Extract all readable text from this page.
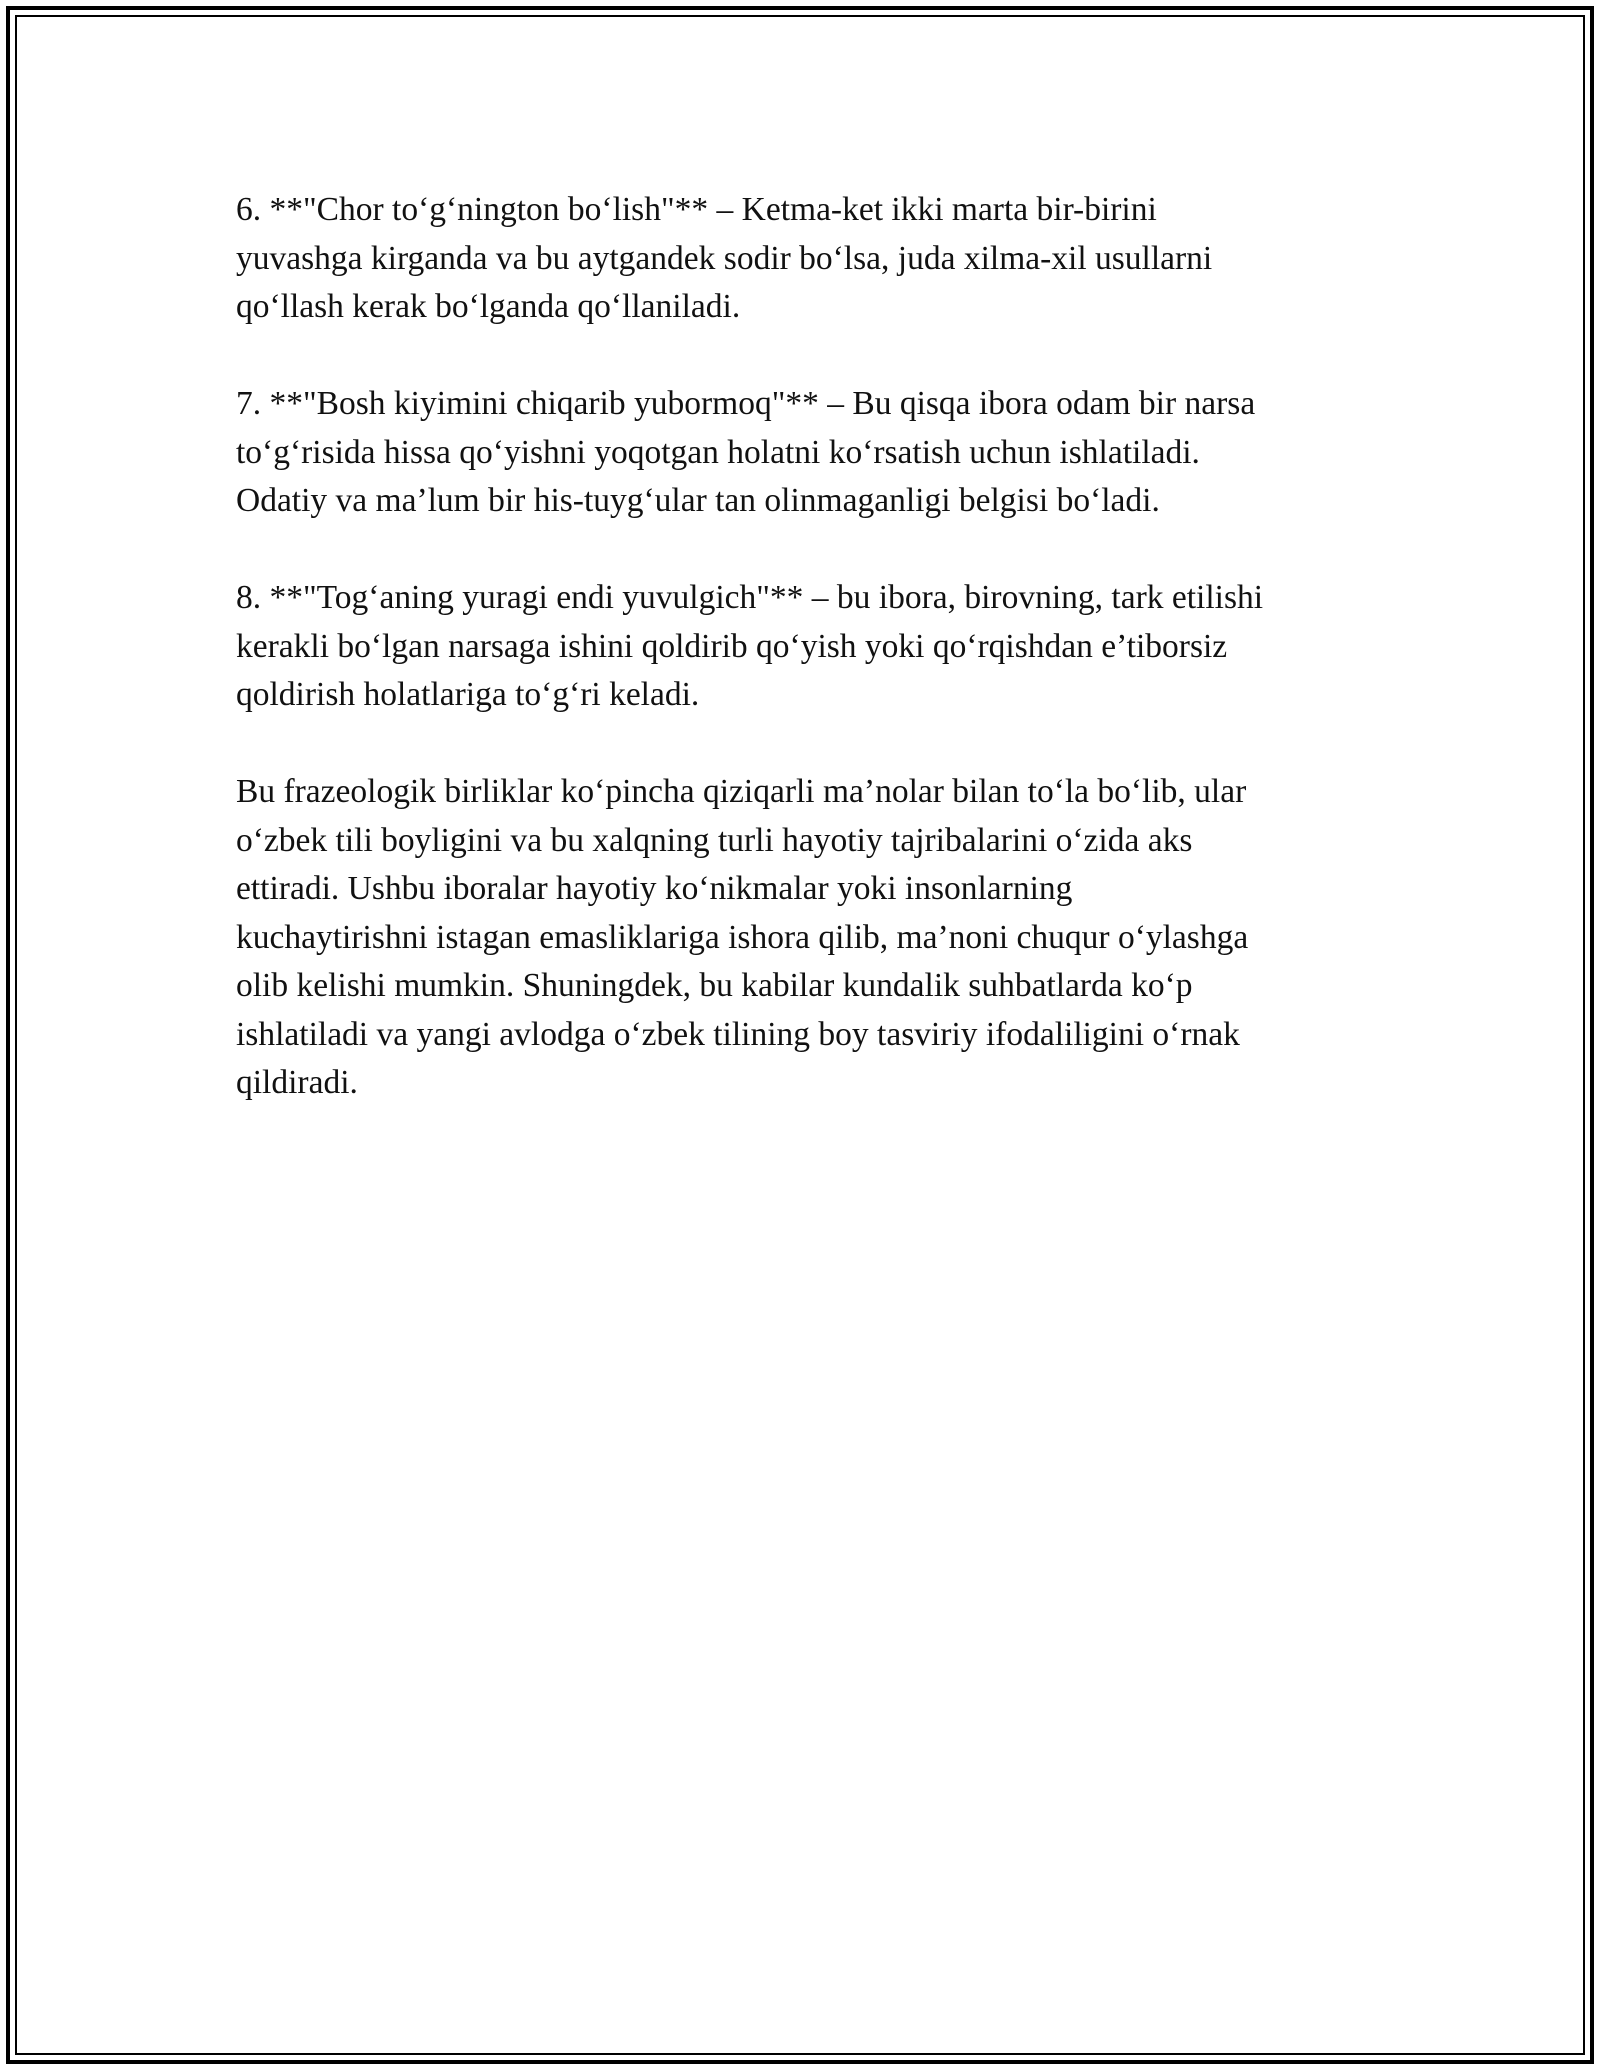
6. **"Chor to‘g‘nington bo‘lish"** – Ketma-ket ikki marta bir-birini
yuvashga kirganda va bu aytgandek sodir bo‘lsa, juda xilma-xil usullarni
qo‘llash kerak bo‘lganda qo‘llaniladi.

7. **"Bosh kiyimini chiqarib yubormoq"** – Bu qisqa ibora odam bir narsa
to‘g‘risida hissa qo‘yishni yoqotgan holatni ko‘rsatish uchun ishlatiladi.
Odatiy va ma’lum bir his-tuyg‘ular tan olinmaganligi belgisi bo‘ladi.

8. **"Tog‘aning yuragi endi yuvulgich"** – bu ibora, birovning, tark etilishi
kerakli bo‘lgan narsaga ishini qoldirib qo‘yish yoki qo‘rqishdan e’tiborsiz
qoldirish holatlariga to‘g‘ri keladi.

Bu frazeologik birliklar ko‘pincha qiziqarli ma’nolar bilan to‘la bo‘lib, ular
o‘zbek tili boyligini va bu xalqning turli hayotiy tajribalarini o‘zida aks
ettiradi. Ushbu iboralar hayotiy ko‘nikmalar yoki insonlarning
kuchaytirishni istagan emasliklariga ishora qilib, ma’noni chuqur o‘ylashga
olib kelishi mumkin. Shuningdek, bu kabilar kundalik suhbatlarda ko‘p
ishlatiladi va yangi avlodga o‘zbek tilining boy tasviriy ifodaliligini o‘rnak
qildiradi.
